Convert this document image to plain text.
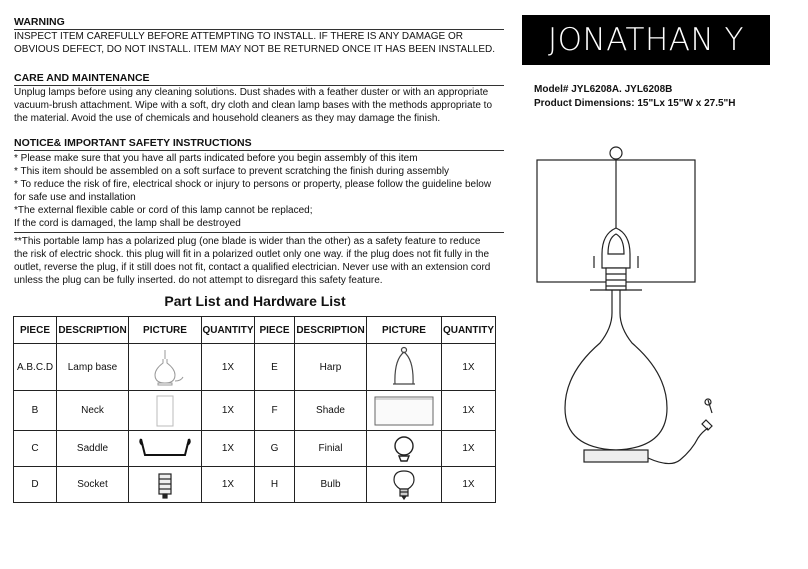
WARNING
INSPECT ITEM CAREFULLY BEFORE ATTEMPTING TO INSTALL. IF THERE IS ANY DAMAGE OR
OBVIOUS DEFECT, DO NOT INSTALL. ITEM MAY NOT BE RETURNED ONCE IT HAS BEEN INSTALLED.
CARE AND MAINTENANCE
Unplug lamps before using any cleaning solutions. Dust shades with a feather duster or with an appropriate
vacuum-brush attachment. Wipe with a soft, dry cloth and clean lamp bases with the methods appropriate to
the material. Avoid the use of chemicals and household cleaners as they may damage the finish.
NOTICE& IMPORTANT SAFETY INSTRUCTIONS
* Please make sure that you have all parts indicated before you begin assembly of this item
* This item should be assembled on a soft surface to prevent scratching the finish during assembly
* To reduce the risk of fire, electrical shock or injury to persons or property, please follow the guideline below
for safe use and installation
*The external flexible cable or cord of this lamp cannot be replaced;
If the cord is damaged, the lamp shall be destroyed
**This portable lamp has a polarized plug (one blade is wider than the other) as a safety feature to reduce
the risk of electric shock. this plug will fit in a polarized outlet only one way. if the plug does not fit fully in the
outlet, reverse the plug, if it still does not fit, contact a qualified electrician. Never use with an extension cord
unless the plug can be fully inserted. do not attempt to disregard this safety feature.
JONATHAN Y
Model# JYL6208A. JYL6208B
Product Dimensions: 15"Lx 15"W x 27.5"H
Part List and Hardware List
PIECE	DESCRIPTION	PICTURE	QUANTITY	PIECE	DESCRIPTION	PICTURE	QUANTITY
A.B.C.D	Lamp base		1X	E	Harp		1X
B	Neck		1X	F	Shade		1X
C	Saddle		1X	G	Finial		1X
D	Socket		1X	H	Bulb		1X
